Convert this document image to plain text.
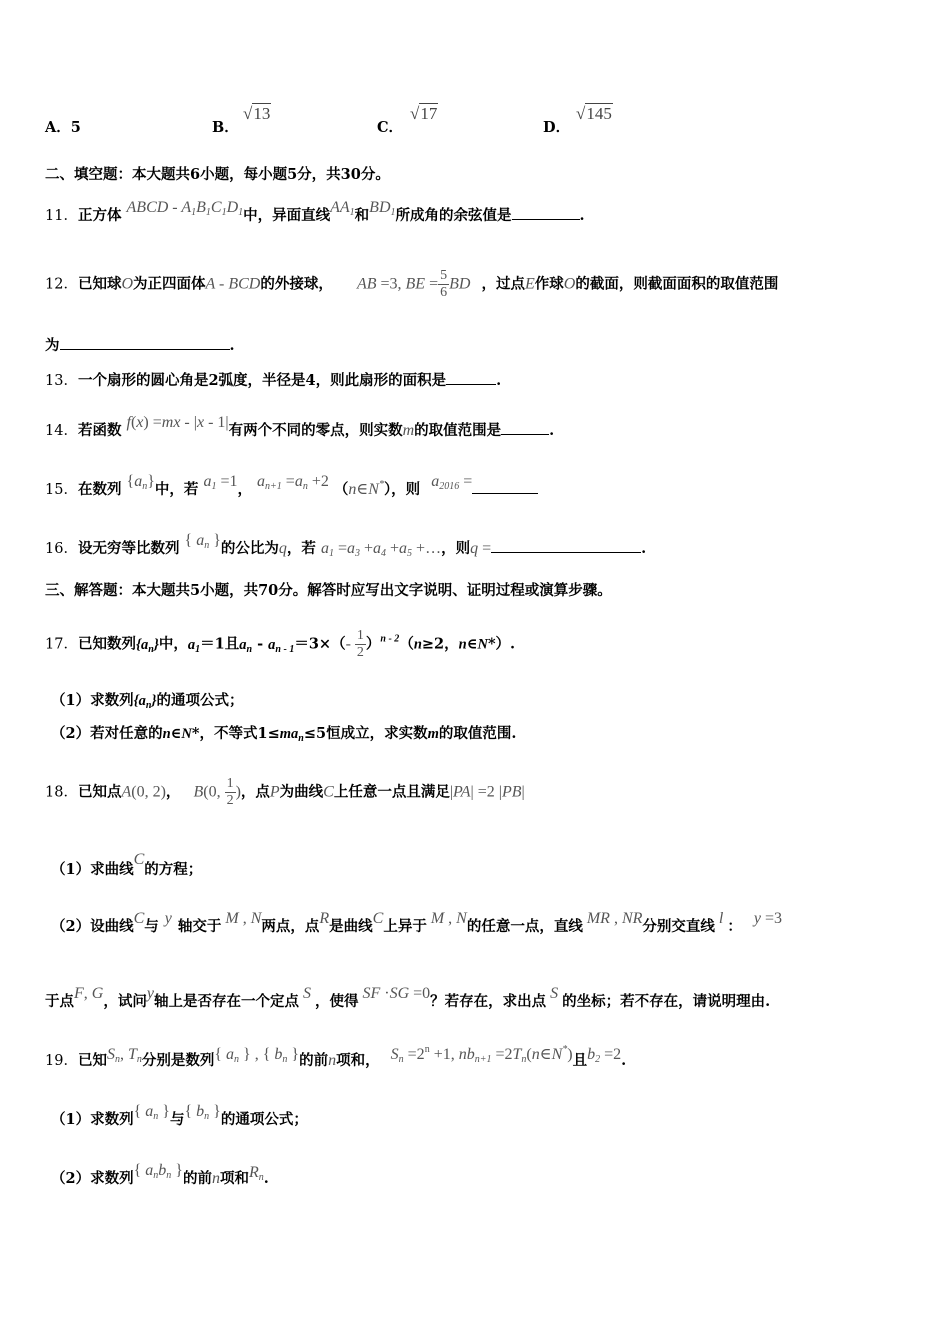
A．5	B．
√13
C．
√17
D．
√145
二、填空题：本大题共6小题，每小题5分，共30分。
11．正方体 ABCD - $A_1B_1C_1D_1$中，异面直线$AA_1$和$BD_1$所成角的余弦值是	.
12．已知球O为正四面体A - BCD的外接球， AB =3, BE = $\frac{5}{6}$ BD ，过点E作球O的截面，则截面面积的取值范围
为	.
13．一个扇形的圆心角是2弧度，半径是4，则此扇形的面积是	.
14．若函数 f(x) =mx - |x - 1|有两个不同的零点，则实数m的取值范围是	.
15．在数列 $\{a_n\}$中，若 $a_1 =1$， $a_{n+1} =a_n +2$ （n∈N*），则 $a_{2016}$ =
16．设无穷等比数列 { $a_n$ }的公比为q，若 $a_1 =a_3 +a_4 +a_5$ +…，则q =	.
三、解答题：本大题共5小题，共70分。解答时应写出文字说明、证明过程或演算步骤。
17．已知数列$\{a_n\}$中，$a_1=1$且$a_n - a_{n - 1}=3\times(- \frac{1}{2} )^{n - 2}(n\ge 2$，n∈N*）.
（1）求数列$\{a_n\}$的通项公式；
（2）若对任意的n∈N*，不等式$1\le ma_n\le 5$恒成立，求实数m的取值范围.
18．已知点A(0, 2)， B(0, $\frac{1}{2}$ )，点P为曲线C上任意一点且满足|PA| =2 |PB|
（1）求曲线C的方程；
（2）设曲线C与 y 轴交于 M , N两点，点R是曲线C上异于 M , N的任意一点，直线 MR , NR分别交直线 l ： y =3
于点F, G，试问y轴上是否存在一个定点 S ，使得 SF ·SG =0？若存在，求出点 S 的坐标；若不存在，请说明理由.
19．已知$S_n$, $T_n$分别是数列{ $a_n$ } , { $b_n$ }的前n项和， $S_n =2^n +1$, $nb_{n+1}$ $=2T_n(n\in N^*)$且$b_2 =2$.
（1）求数列{ $a_n$ }与{ $b_n$ }的通项公式；
（2）求数列{ $a_nb_n$ }的前n项和$R_n$.
